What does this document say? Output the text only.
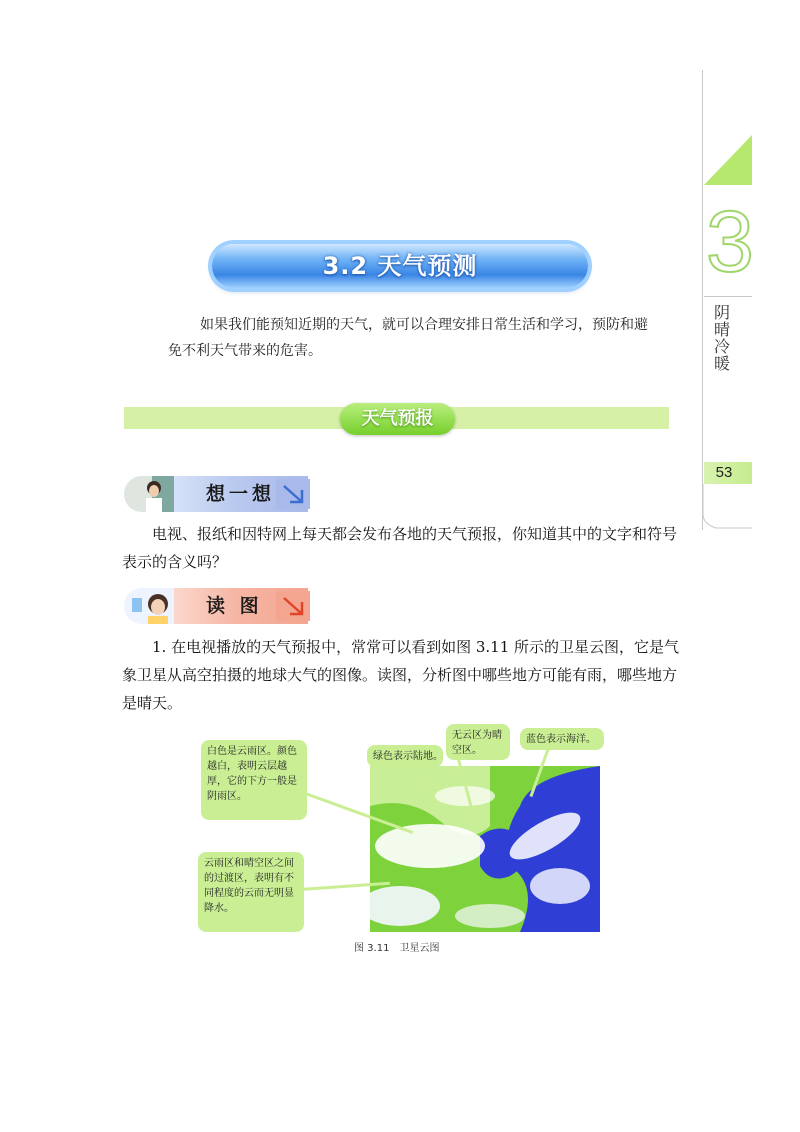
3
阴晴冷暖
53
3.2 天气预测
如果我们能预知近期的天气，就可以合理安排日常生活和学习，预防和避免不利天气带来的危害。
天气预报
想一想
电视、报纸和因特网上每天都会发布各地的天气预报，你知道其中的文字和符号表示的含义吗？
读 图
1. 在电视播放的天气预报中，常常可以看到如图 3.11 所示的卫星云图，它是气象卫星从高空拍摄的地球大气的图像。读图，分析图中哪些地方可能有雨，哪些地方是晴天。
白色是云雨区。颜色越白，表明云层越厚，它的下方一般是阴雨区。
云雨区和晴空区之间的过渡区，表明有不同程度的云而无明显降水。
绿色表示陆地。
无云区为晴空区。
蓝色表示海洋。
图 3.11　卫星云图
